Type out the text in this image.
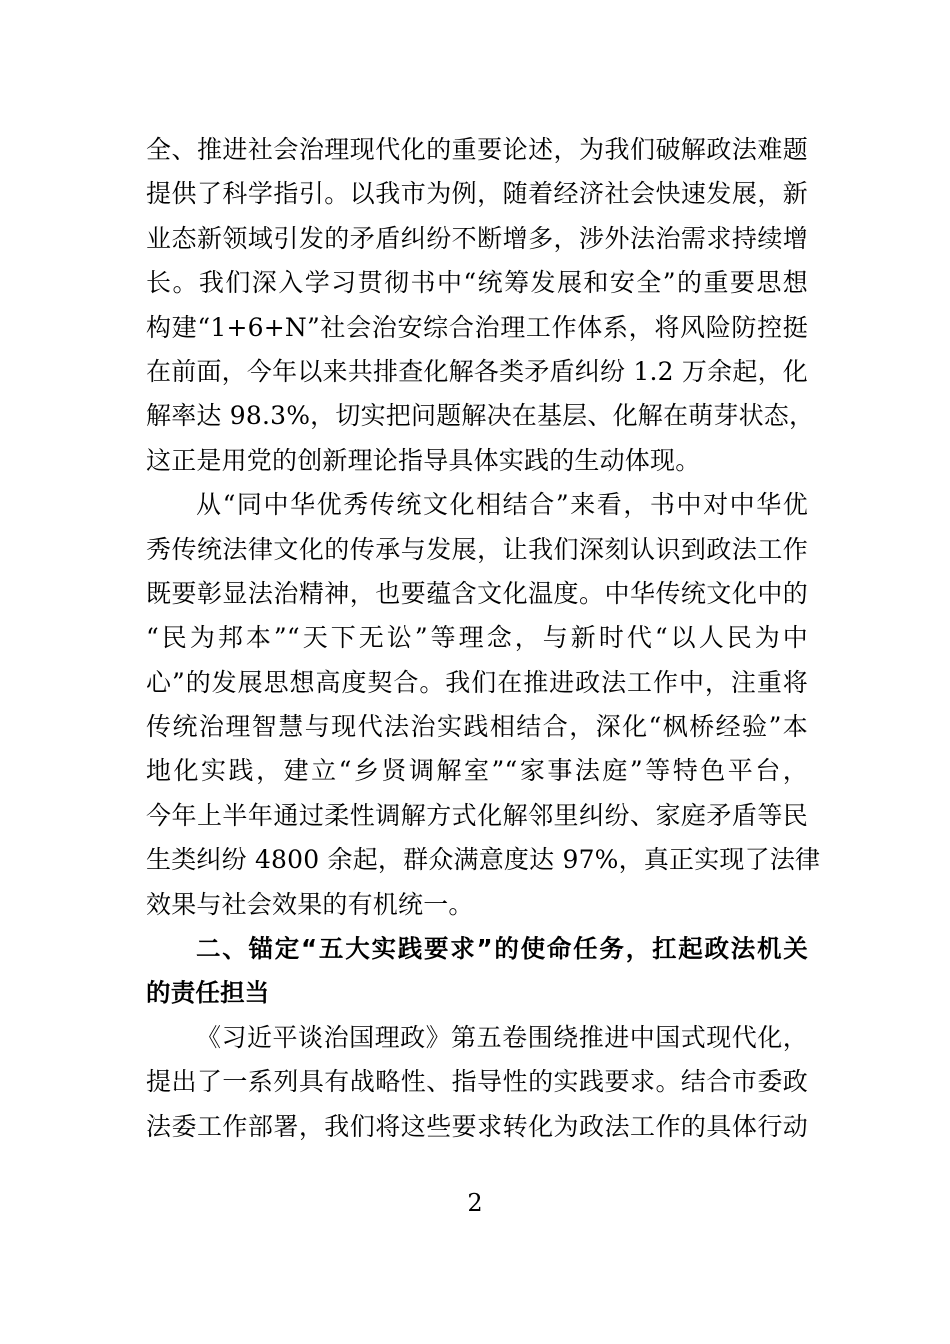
全、推进社会治理现代化的重要论述，为我们破解政法难题
提供了科学指引。以我市为例，随着经济社会快速发展，新
业态新领域引发的矛盾纠纷不断增多，涉外法治需求持续增
长。我们深入学习贯彻书中“统筹发展和安全”的重要思想
构建“1+6+N”社会治安综合治理工作体系，将风险防控挺
在前面，今年以来共排查化解各类矛盾纠纷 1.2 万余起，化
解率达 98.3%，切实把问题解决在基层、化解在萌芽状态，
这正是用党的创新理论指导具体实践的生动体现。
从“同中华优秀传统文化相结合”来看，书中对中华优
秀传统法律文化的传承与发展，让我们深刻认识到政法工作
既要彰显法治精神，也要蕴含文化温度。中华传统文化中的
“民为邦本”“天下无讼”等理念，与新时代“以人民为中
心”的发展思想高度契合。我们在推进政法工作中，注重将
传统治理智慧与现代法治实践相结合，深化“枫桥经验”本
地化实践，建立“乡贤调解室”“家事法庭”等特色平台，
今年上半年通过柔性调解方式化解邻里纠纷、家庭矛盾等民
生类纠纷 4800 余起，群众满意度达 97%，真正实现了法律
效果与社会效果的有机统一。
二、锚定“五大实践要求”的使命任务，扛起政法机关
的责任担当
《习近平谈治国理政》第五卷围绕推进中国式现代化，
提出了一系列具有战略性、指导性的实践要求。结合市委政
法委工作部署，我们将这些要求转化为政法工作的具体行动
2
